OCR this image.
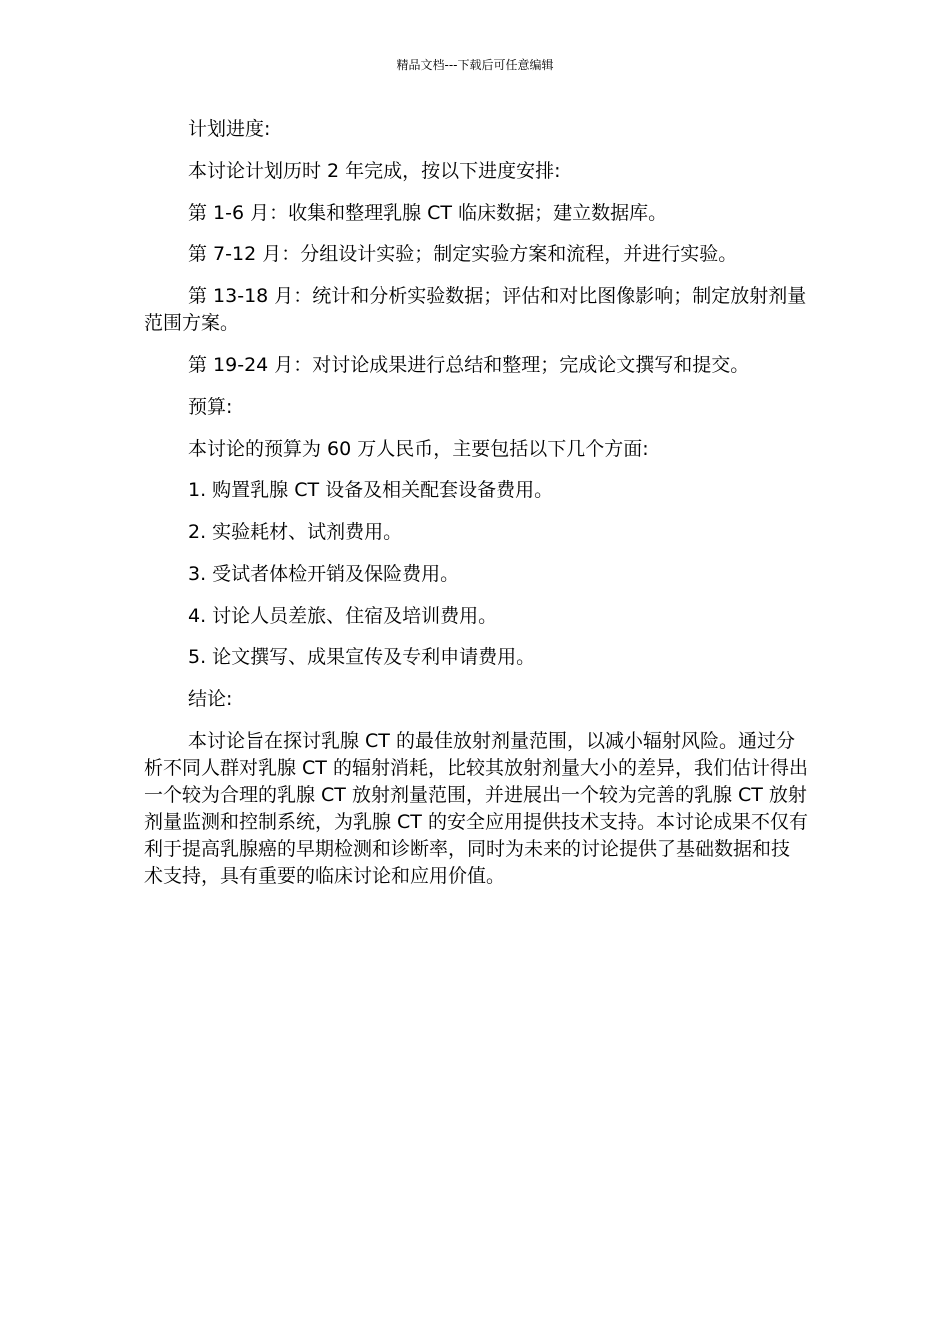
精品文档---下载后可任意编辑

计划进度:

本讨论计划历时 2 年完成，按以下进度安排:

第 1-6 月：收集和整理乳腺 CT 临床数据；建立数据库。

第 7-12 月：分组设计实验；制定实验方案和流程，并进行实验。

第 13-18 月：统计和分析实验数据；评估和对比图像影响；制定放射剂量范围方案。

第 19-24 月：对讨论成果进行总结和整理；完成论文撰写和提交。

预算:

本讨论的预算为 60 万人民币，主要包括以下几个方面:

1. 购置乳腺 CT 设备及相关配套设备费用。

2. 实验耗材、试剂费用。

3. 受试者体检开销及保险费用。

4. 讨论人员差旅、住宿及培训费用。

5. 论文撰写、成果宣传及专利申请费用。

结论:

本讨论旨在探讨乳腺 CT 的最佳放射剂量范围，以减小辐射风险。通过分析不同人群对乳腺 CT 的辐射消耗，比较其放射剂量大小的差异，我们估计得出一个较为合理的乳腺 CT 放射剂量范围，并进展出一个较为完善的乳腺 CT 放射剂量监测和控制系统，为乳腺 CT 的安全应用提供技术支持。本讨论成果不仅有利于提高乳腺癌的早期检测和诊断率，同时为未来的讨论提供了基础数据和技术支持，具有重要的临床讨论和应用价值。
